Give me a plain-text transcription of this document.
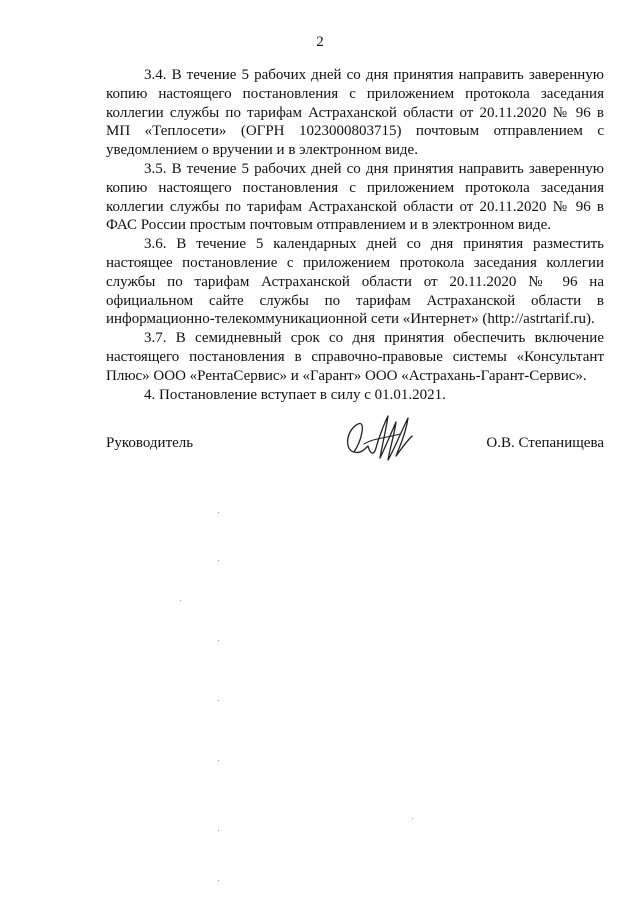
2

3.4. В течение 5 рабочих дней со дня принятия направить заверенную копию настоящего постановления с приложением протокола заседания коллегии службы по тарифам Астраханской области от 20.11.2020 № 96 в МП «Теплосети» (ОГРН 1023000803715) почтовым отправлением с уведомлением о вручении и в электронном виде.

3.5. В течение 5 рабочих дней со дня принятия направить заверенную копию настоящего постановления с приложением протокола заседания коллегии службы по тарифам Астраханской области от 20.11.2020 № 96 в ФАС России простым почтовым отправлением и в электронном виде.

3.6. В течение 5 календарных дней со дня принятия разместить настоящее постановление с приложением протокола заседания коллегии службы по тарифам Астраханской области от 20.11.2020 № 96 на официальном сайте службы по тарифам Астраханской области в информационно-телекоммуникационной сети «Интернет» (http://astrtarif.ru).

3.7. В семидневный срок со дня принятия обеспечить включение настоящего постановления в справочно-правовые системы «Консультант Плюс» ООО «РентаСервис» и «Гарант» ООО «Астрахань-Гарант-Сервис».

4. Постановление вступает в силу с 01.01.2021.

Руководитель	О.В. Степанищева
